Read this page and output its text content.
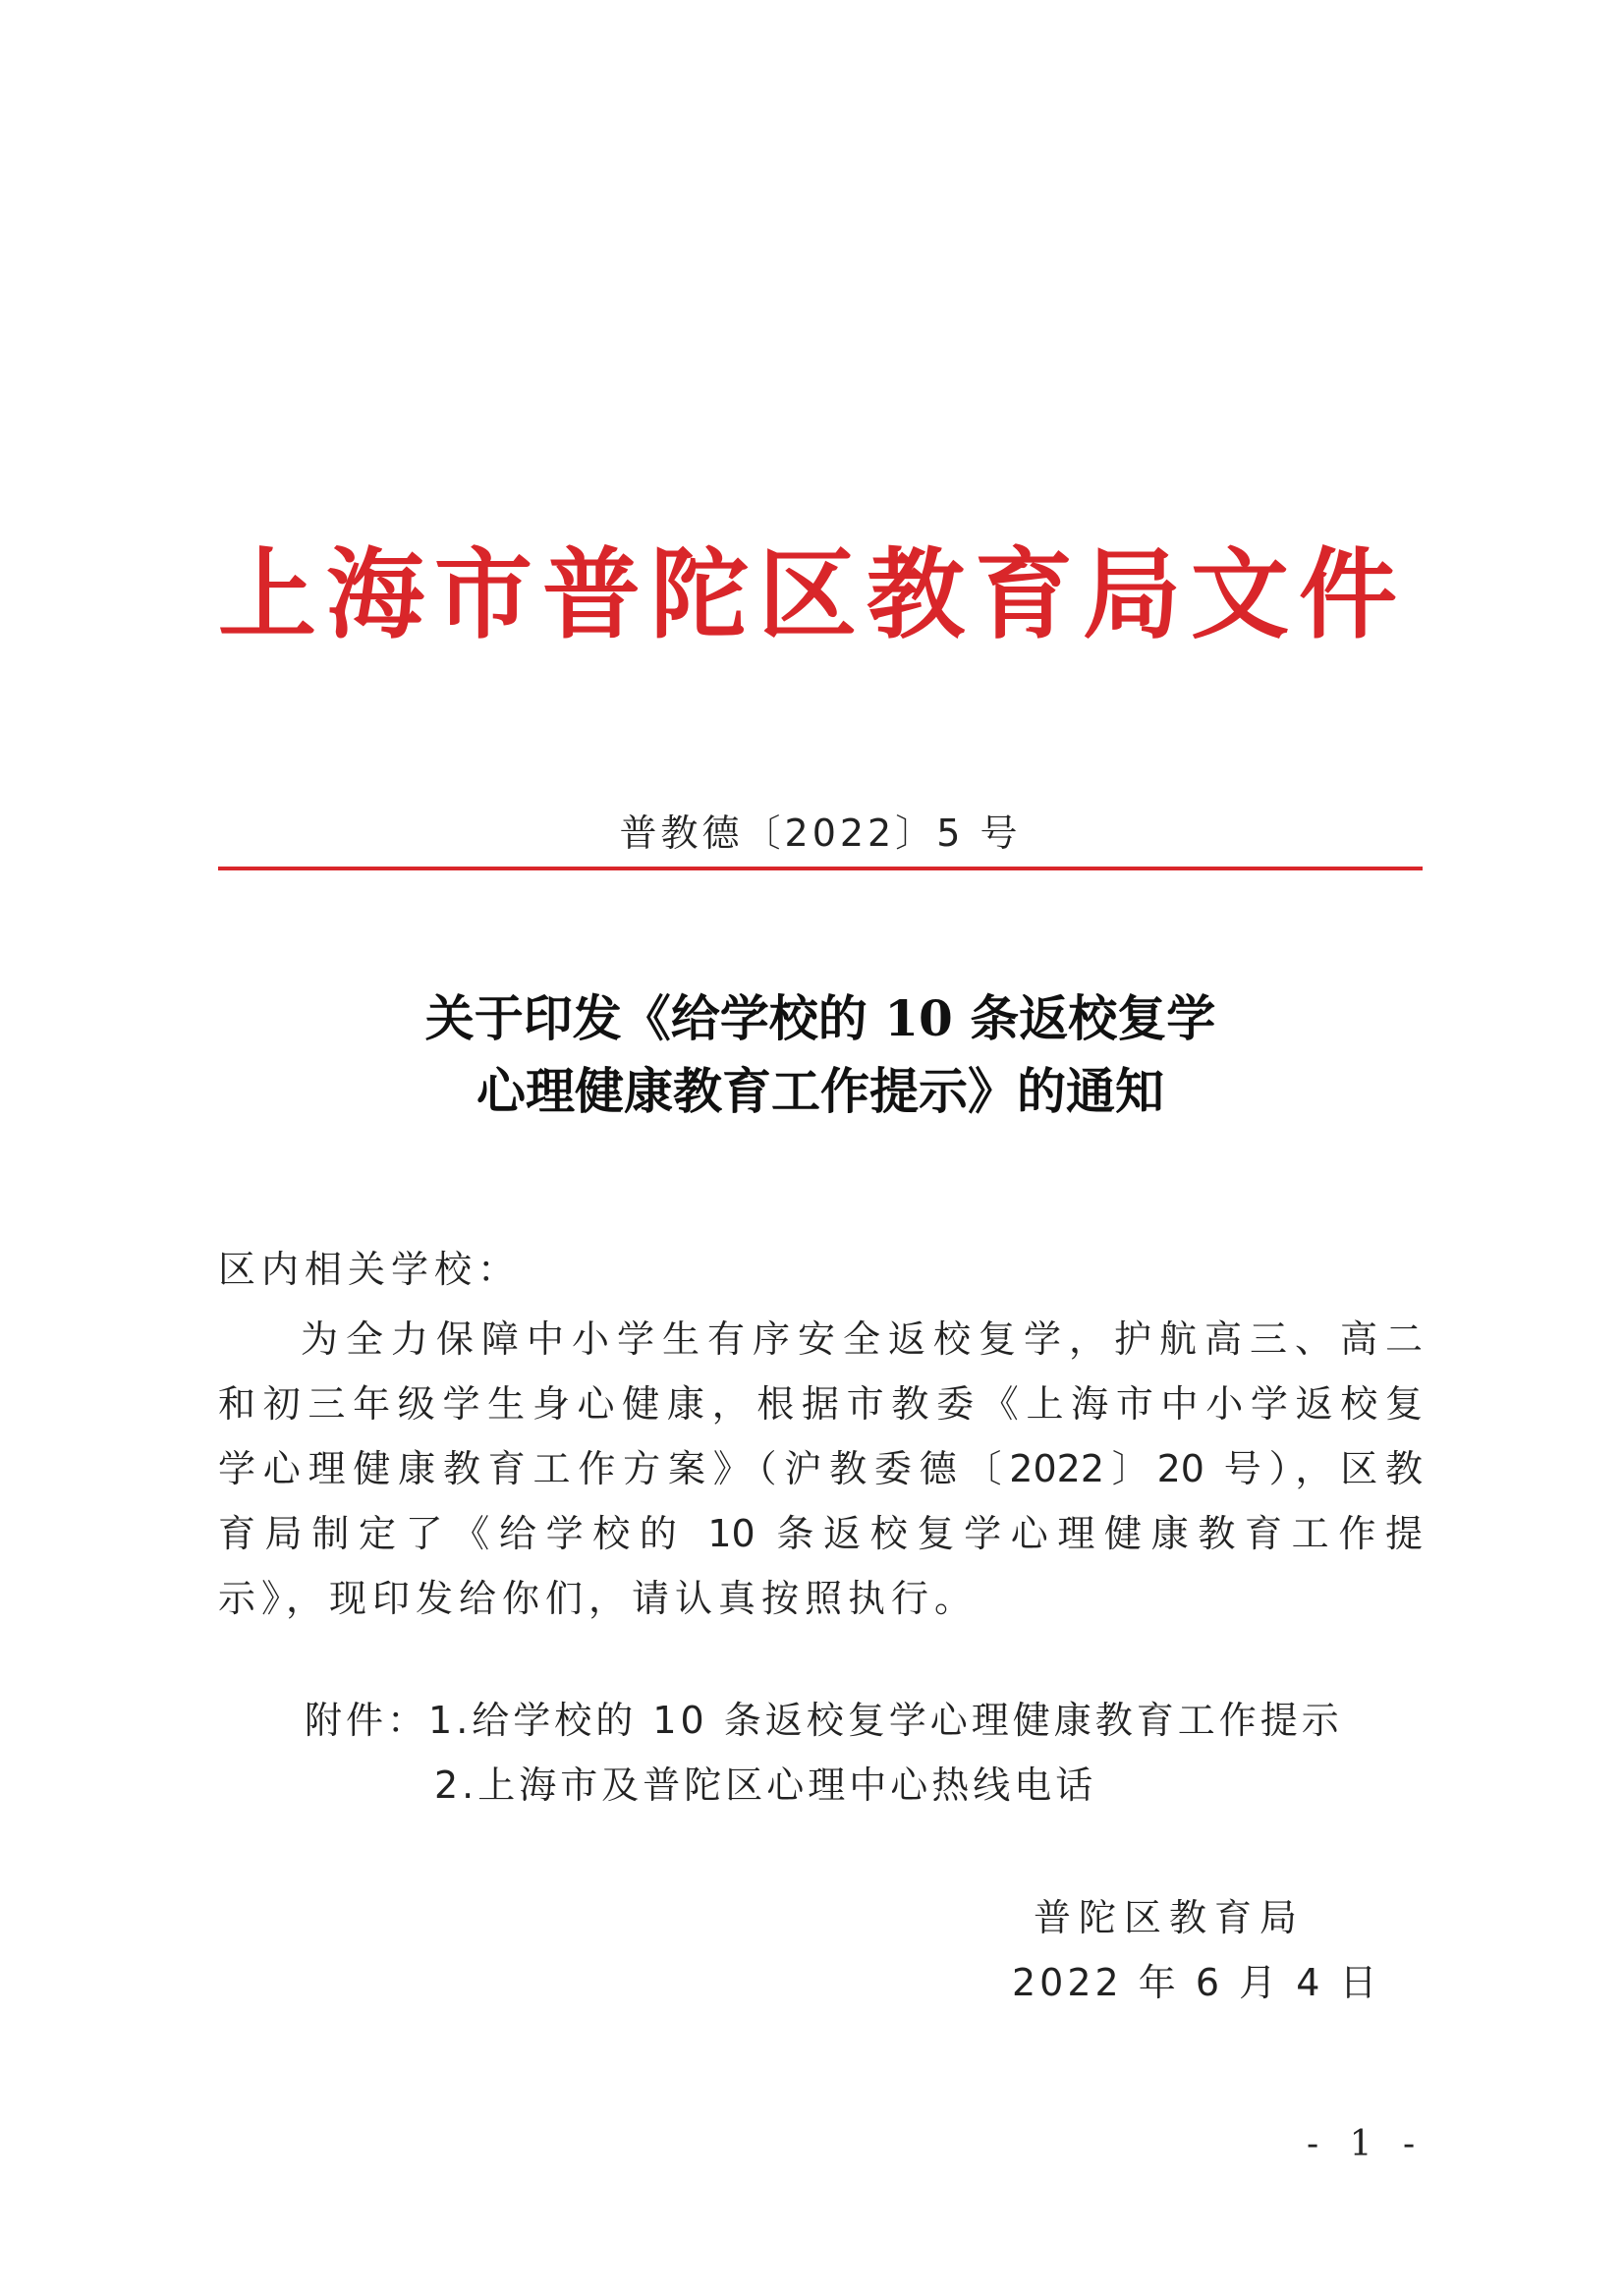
上海市普陀区教育局文件
普教德〔2022〕5 号
关于印发《给学校的 10 条返校复学
心理健康教育工作提示》的通知
区内相关学校：
为全力保障中小学生有序安全返校复学，护航高三、高二
和初三年级学生身心健康，根据市教委《上海市中小学返校复
学心理健康教育工作方案》（沪教委德〔2022〕20 号），区教
育局制定了《给学校的 10 条返校复学心理健康教育工作提
示》，现印发给你们，请认真按照执行。
附件：1.给学校的 10 条返校复学心理健康教育工作提示
2.上海市及普陀区心理中心热线电话
普陀区教育局
2022 年 6 月 4 日
- 1 -
